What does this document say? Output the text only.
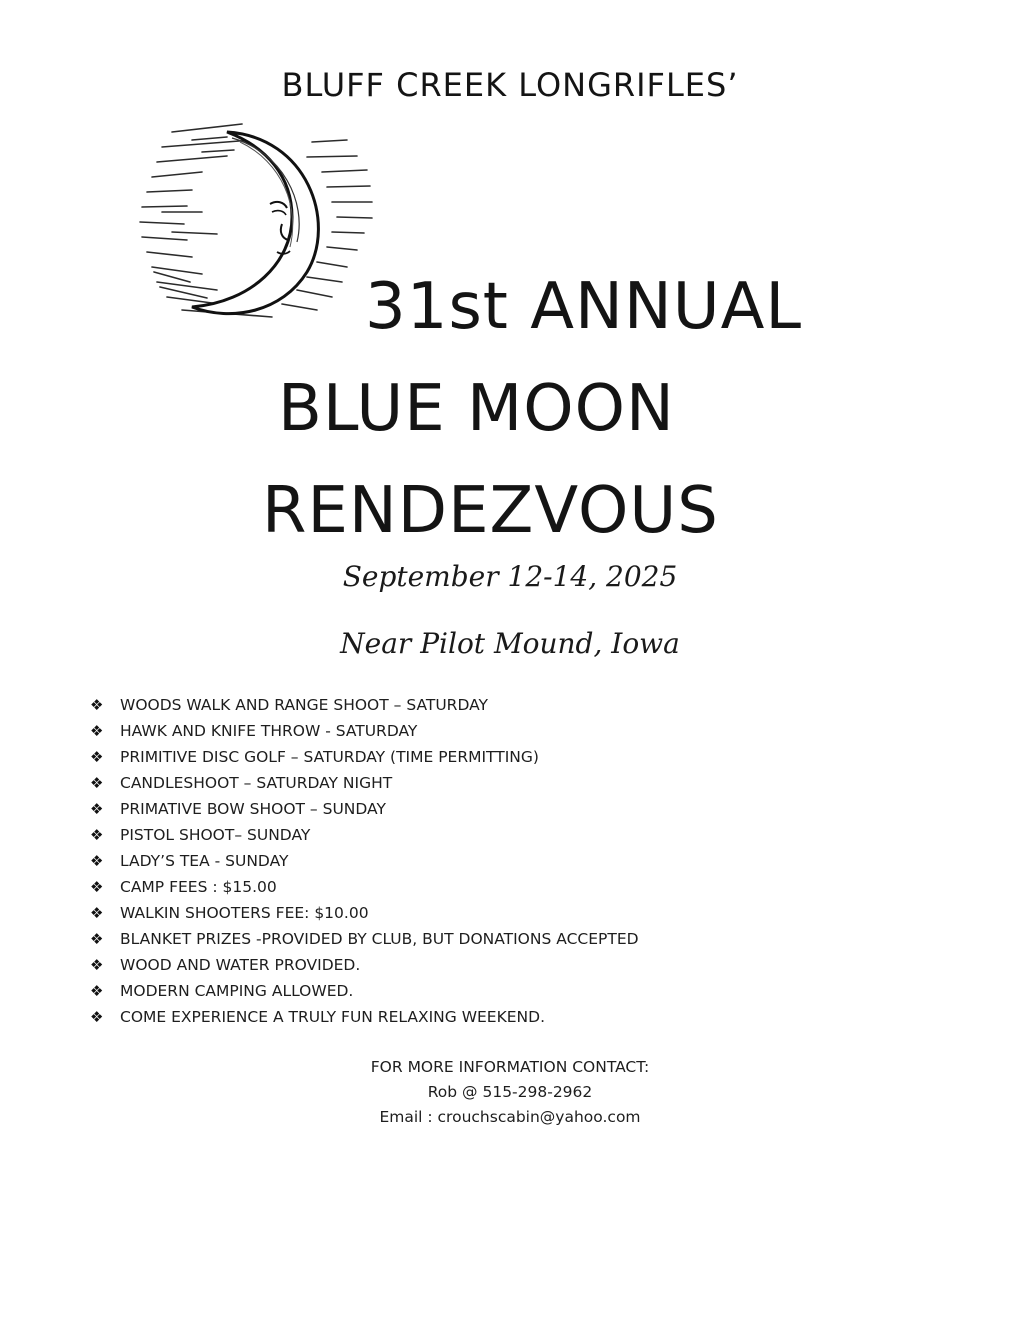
BLUFF CREEK LONGRIFLES’
31st ANNUAL
BLUE MOON
RENDEZVOUS
September 12-14, 2025
Near Pilot Mound, Iowa
❖	WOODS WALK AND RANGE SHOOT – SATURDAY
❖	HAWK AND KNIFE THROW - SATURDAY
❖	PRIMITIVE DISC GOLF – SATURDAY (TIME PERMITTING)
❖	CANDLESHOOT – SATURDAY NIGHT
❖	PRIMATIVE BOW SHOOT – SUNDAY
❖	PISTOL SHOOT– SUNDAY
❖	LADY’S TEA - SUNDAY
❖	CAMP FEES : $15.00
❖	WALKIN SHOOTERS FEE: $10.00
❖	BLANKET PRIZES -PROVIDED BY CLUB, BUT DONATIONS ACCEPTED
❖	WOOD AND WATER PROVIDED.
❖	MODERN CAMPING ALLOWED.
❖	COME EXPERIENCE A TRULY FUN RELAXING WEEKEND.
FOR MORE INFORMATION CONTACT:
Rob @ 515-298-2962
Email : crouchscabin@yahoo.com
